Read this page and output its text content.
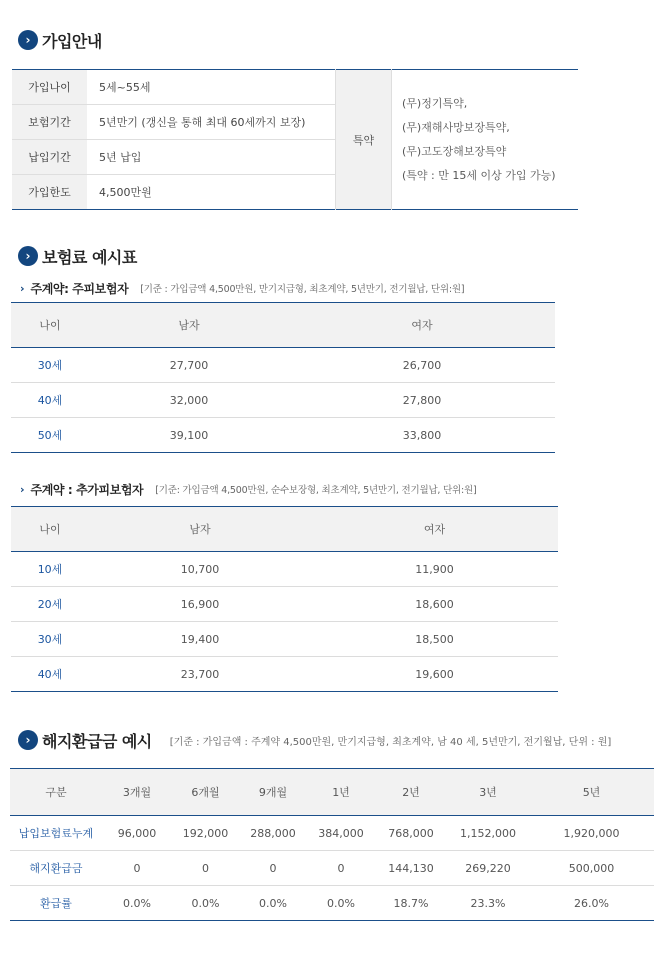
› 가입안내
가입나이	5세~55세	특약	(무)정기특약,
(무)재해사망보장특약,
(무)고도장해보장특약
(특약 : 만 15세 이상 가입 가능)

보험기간	5년만기 (갱신을 통해 최대 60세까지 보장)		
납입기간	5년 납입		
가입한도	4,500만원		
› 보험료 예시표
› 주계약: 주피보험자 [기준 : 가입금액 4,500만원, 만기지급형, 최초계약, 5년만기, 전기월납, 단위:원]
나이	남자	여자
30세	27,700	26,700
40세	32,000	27,800
50세	39,100	33,800
› 주계약 : 추가피보험자 [기준: 가입금액 4,500만원, 순수보장형, 최초계약, 5년만기, 전기월납, 단위:원]
나이	남자	여자
10세	10,700	11,900
20세	16,900	18,600
30세	19,400	18,500
40세	23,700	19,600
› 해지환급금 예시 [기준 : 가입금액 : 주계약 4,500만원, 만기지급형, 최초계약, 남 40 세, 5년만기, 전기월납, 단위 : 원]
구분	3개월	6개월	9개월	1년	2년	3년	5년
납입보험료누계	96,000	192,000	288,000	384,000	768,000	1,152,000	1,920,000
해지환급금	0	0	0	0	144,130	269,220	500,000
환급률	0.0%	0.0%	0.0%	0.0%	18.7%	23.3%	26.0%
